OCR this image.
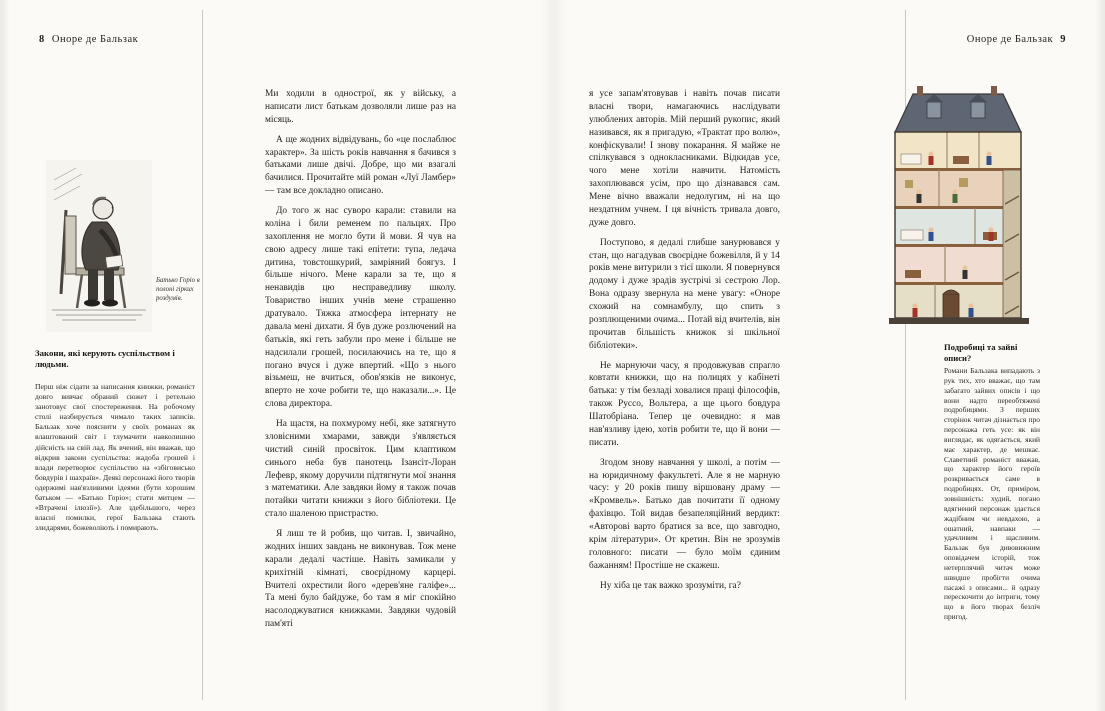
8 Оноре де Бальзак	Оноре де Бальзак 9
Батько Горіо в полоні гірких роздумів.
Закони, які керують суспільством і людьми.
Перш ніж сідати за написання книжки, романіст довго вивчає обраний сюжет і ретельно занотовує свої спостереження. На робочому столі назбирується чимало таких записів. Бальзак хоче пояснити у своїх романах як влаштований світ і тлумачити навколишню дійсність на свій лад. Як вчений, він вважав, що відкрив закони суспільства: жадоба грошей і влади перетворює суспільство на «збіговисько бовдурів і шахраїв». Деякі персонажі його творів одержимі нав'язливими ідеями (бути хорошим батьком — «Батько Горіо»; стати митцем — «Втрачені ілюзії»). Але здебільшого, через власні помилки, герої Бальзака стають злидарями, божеволіють і помирають.

Ми ходили в однострої, як у війську, а написати лист батькам дозволяли лише раз на місяць.

А ще жодних відвідувань, бо «це послаблює характер». За шість років навчання я бачився з батьками лише двічі. Добре, що ми взагалі бачилися. Прочитайте мій роман «Луї Ламбер» — там все докладно описано.

До того ж нас суворо карали: ставили на коліна і били ременем по пальцях. Про захоплення не могло бути й мови. Я чув на свою адресу лише такі епітети: тупа, ледача дитина, товстошкурий, замріяний боягуз. І більше нічого. Мене карали за те, що я ненавидів цю несправедливу школу. Товариство інших учнів мене страшенно дратувало. Тяжка атмосфера інтернату не давала мені дихати. Я був дуже розлючений на батьків, які геть забули про мене і більше не надсилали грошей, посилаючись на те, що я погано вчуся і дуже впертий. «Що з нього візьмеш, не вчиться, обов'язків не виконує, вперто не хоче робити те, що наказали...». Це слова директора.

На щастя, на похмурому небі, яке затягнуто зловісними хмарами, завжди з'являється чистий синій просвіток. Цим клаптиком синього неба був панотець Ізансіт-Лоран Лефевр, якому доручили підтягнути мої знання з математики. Але завдяки йому я також почав потайки читати книжки з його бібліотеки. Це стало шаленою пристрастю.

Я лиш те й робив, що читав. І, звичайно, жодних інших завдань не виконував. Тож мене карали дедалі частіше. Навіть замикали у крихітній кімнаті, своєрідному карцері. Вчителі охрестили його «дерев'яне галіфе»... Та мені було байдуже, бо там я міг спокійно насолоджуватися книжками. Завдяки чудовій пам'яті

я усе запам'ятовував і навіть почав писати власні твори, намагаючись наслідувати улюблених авторів. Мій перший рукопис, який називався, як я пригадую, «Трактат про волю», конфіскували! І знову покарання. Я майже не спілкувався з однокласниками. Відкидав усе, чого мене хотіли навчити. Натомість захоплювався усім, про що дізнавався сам. Мене вічно вважали недолугим, ні на що нездатним учнем. І ця вічність тривала довго, дуже довго.

Поступово, я дедалі глибше занурювався у стан, що нагадував своєрідне божевілля, й у 14 років мене витурили з тієї школи. Я повернувся додому і дуже зрадів зустрічі зі сестрою Лор. Вона одразу звернула на мене увагу: «Оноре схожий на сомнамбулу, що спить з розплющеними очима... Потай від вчителів, він прочитав більшість книжок зі шкільної бібліотеки».

Не марнуючи часу, я продовжував спрагло ковтати книжки, що на полицях у кабінеті батька: у тім безладі ховалися праці філософів, також Руссо, Вольтера, а ще цього бовдура Шатобріана. Тепер це очевидно: я мав нав'язливу ідею, хотів робити те, що й вони — писати.

Згодом знову навчання у школі, а потім — на юридичному факультеті. Але я не марную часу: у 20 років пишу віршовану драму — «Кромвель». Батько дав почитати її одному фахівцю. Той видав безапеляційний вердикт: «Авторові варто братися за все, що завгодно, крім літератури». От кретин. Він не зрозумів головного: писати — було моїм єдиним бажанням! Простіше не скажеш.

Ну хіба це так важко зрозуміти, га?

Подробиці та зайві описи?
Романи Бальзака випадають з рук тих, хто вважає, що там забагато зайвих описів і що вони надто переобтяжені подробицями. З перших сторінок читач дізнається про персонажа геть усе: як він виглядає, як одягається, який має характер, де мешкає. Славетний романіст вважав, що характер його героїв розкривається саме в подробицях. От, приміром, зовнішність: худий, погано вдягнений персонаж здається жадібним чи невдахою, а ошатний, навпаки — удачливим і щасливим. Бальзак був дивовижним оповідачем історій, тож нетерплячий читач може швидше пробігти очима пасажі з описами... й одразу перескочити до інтриги, тому що в його творах безліч пригод.
